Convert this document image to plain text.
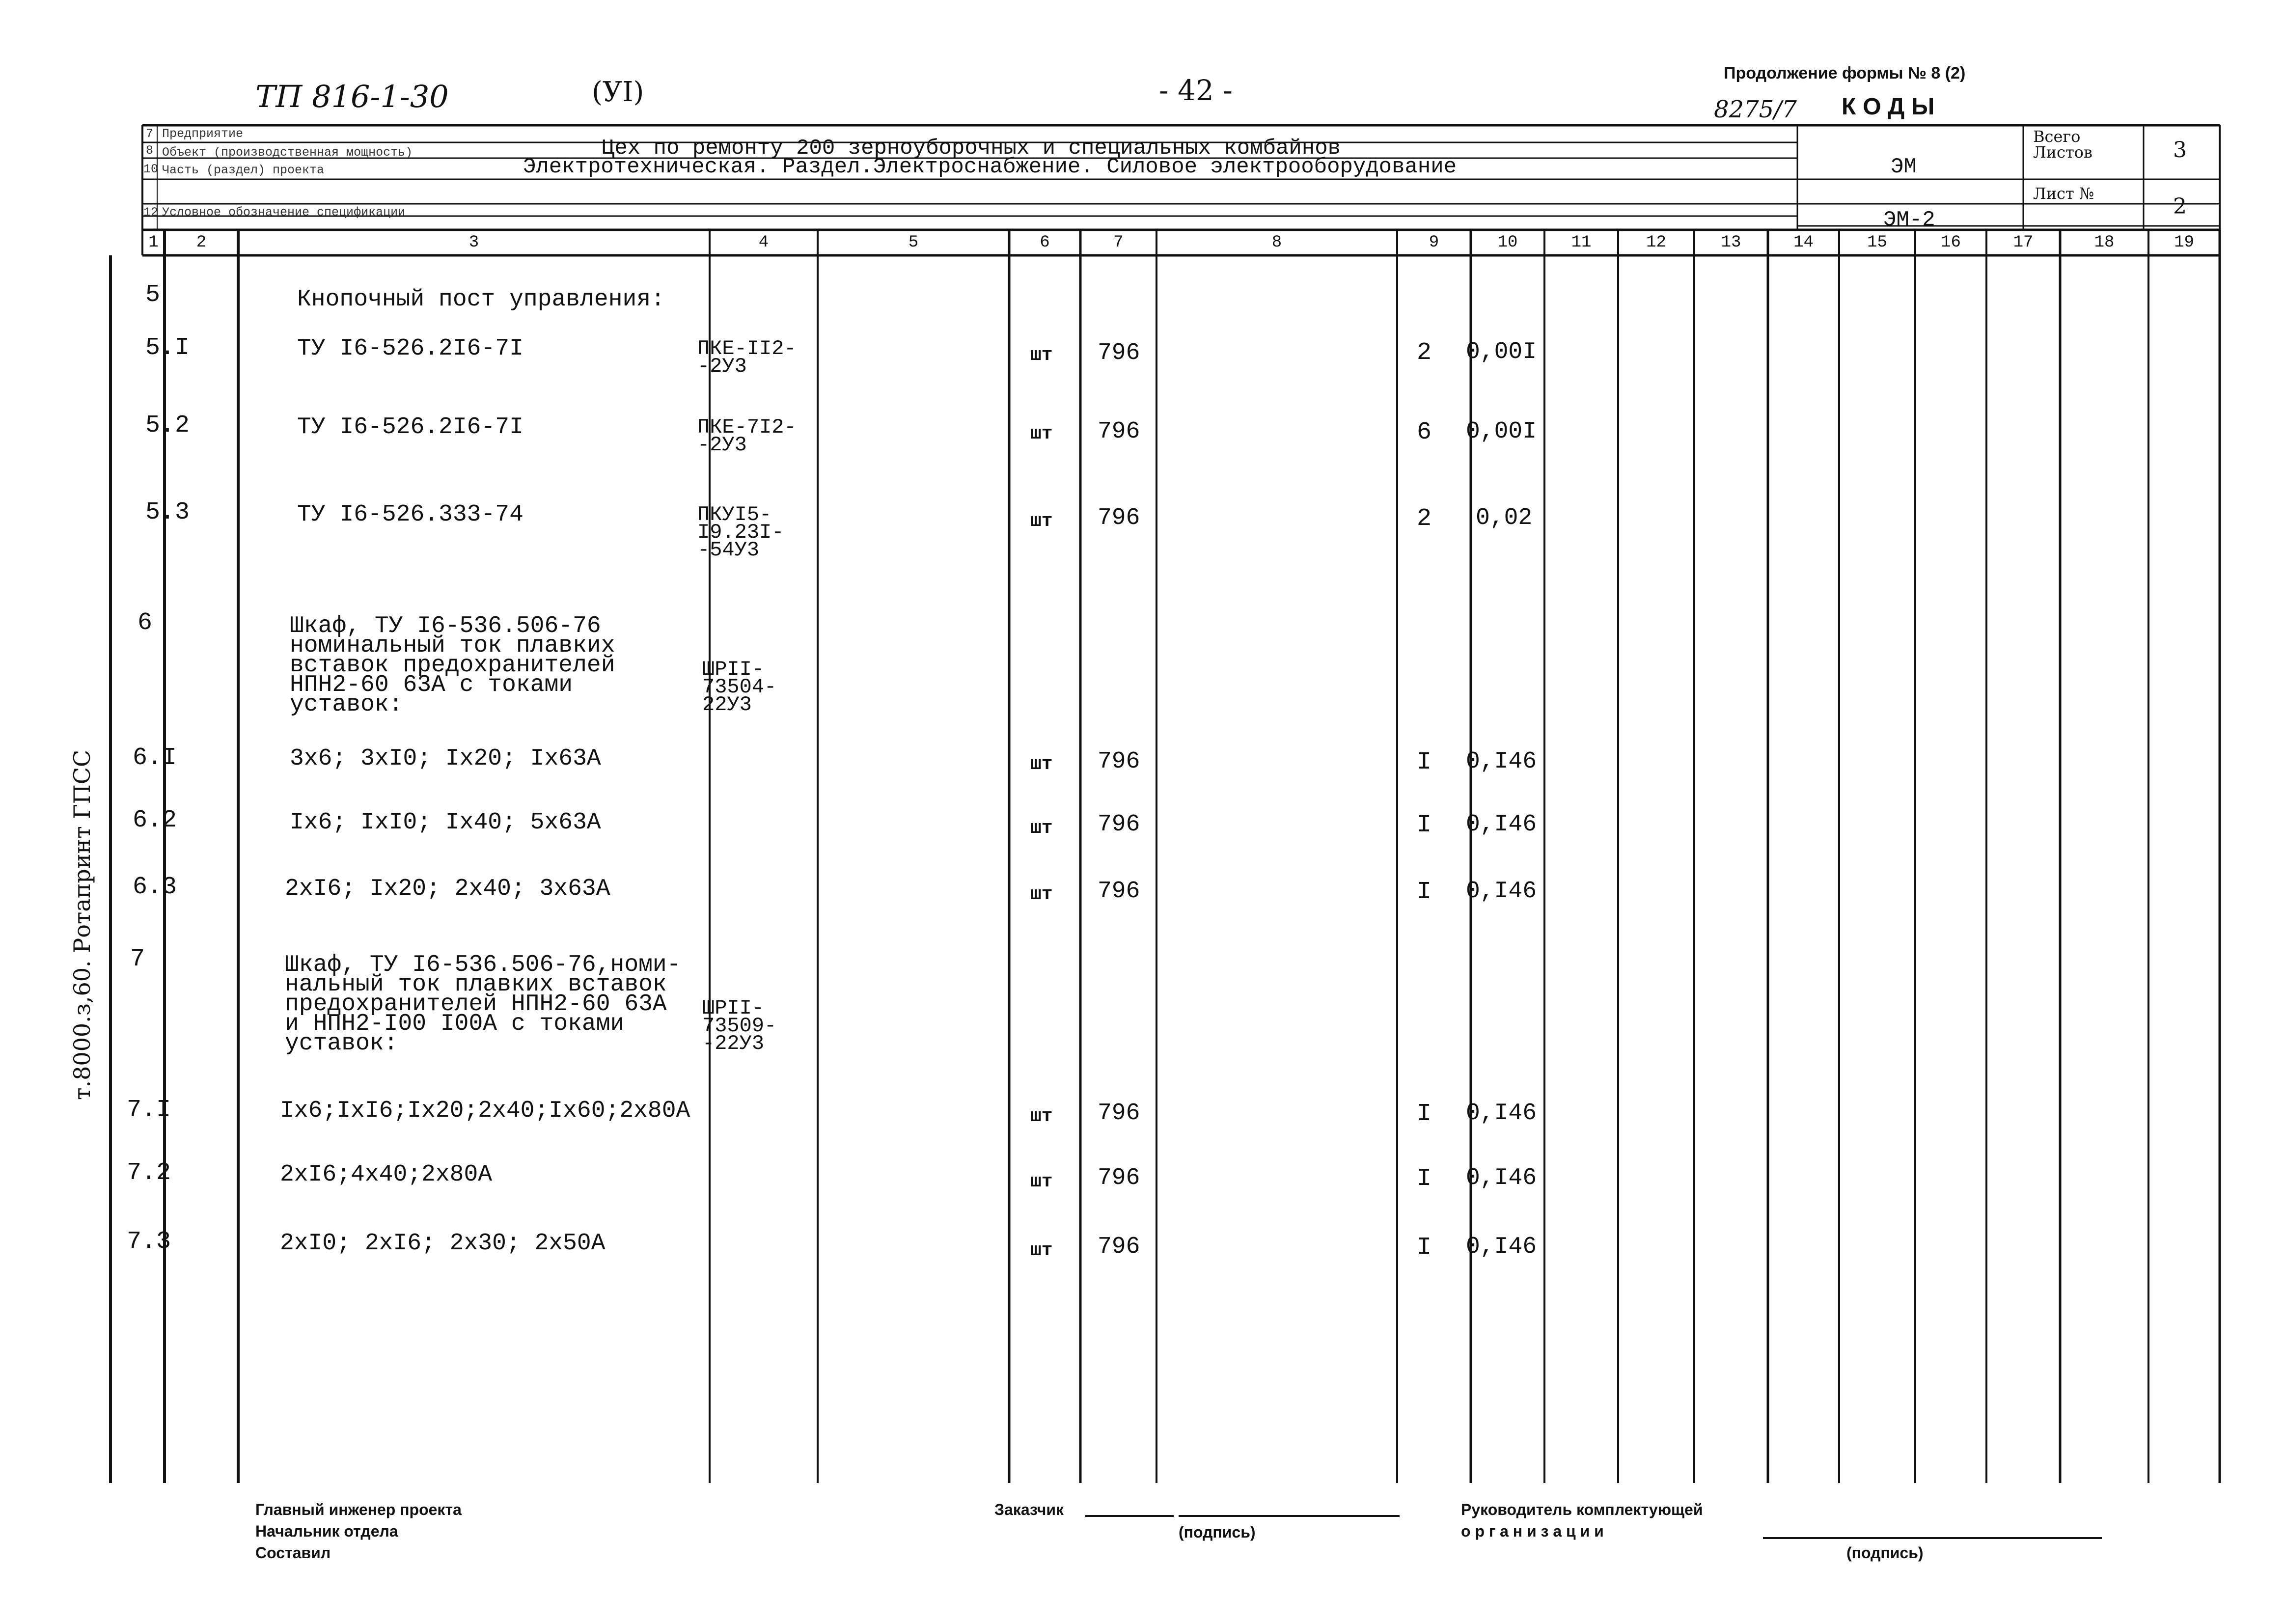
ТП 816-1-30	(УI)	- 42 -
Продолжение формы № 8 (2)
8275/7 КОДЫ
7 Предприятие
8 Объект (производственная мощность)	Цех по ремонту 200 зерноуборочных и специальных комбайнов
10 Часть (раздел) проекта	Электротехническая. Раздел.Электроснабжение. Силовое электрооборудование	ЭМ
12 Условное обозначение спецификации	ЭМ-2
Всего Листов	3
Лист №
2
1	2	3	4	5	6	7	8	9	10	11	12	13	14	15	16	17	18	19
5	Кнопочный пост управления:
5.I	ТУ I6-526.2I6-7I	ПКЕ-II2-
-2У3	шт 796	2 0,00I
5.2	ТУ I6-526.2I6-7I	ПКЕ-7I2-
-2У3	шт 796	6 0,00I
5.3	ТУ I6-526.333-74	ПКУI5-
I9.23I-
-54У3
шт 796	2 0,02
6	Шкаф, ТУ I6-536.506-76
номинальный ток плавких
вставок предохранителей
НПН2-60 63А с токами
уставок:
ШРII-
73504-
22У3
6.I	3х6; 3хI0; Iх20; Iх63А	шт 796	I 0,I46
6.2	Iх6; IхI0; Iх40; 5х63А	шт 796	I 0,I46
6.3	2хI6; Iх20; 2х40; 3х63А	шт 796	I 0,I46
7	Шкаф, ТУ I6-536.506-76,номи-
нальный ток плавких вставок
предохранителей НПН2-60 63А
и НПН2-I00 I00А с токами
уставок:
ШРII-
73509-
-22У3
7.I	Iх6;IхI6;Iх20;2х40;Iх60;2х80А	шт 796	I 0,I46
7.2	2хI6;4х40;2х80А	шт 796	I 0,I46
7.3	2хI0; 2хI6; 2х30; 2х50А	шт 796	I 0,I46
т.8000.з,60. Ротапринт ГПСС
Главный инженер проекта
Начальник отдела
Составил
Заказчик
(подпись)
Руководитель комплектующей
о р г а н и з а ц и и
(подпись)
